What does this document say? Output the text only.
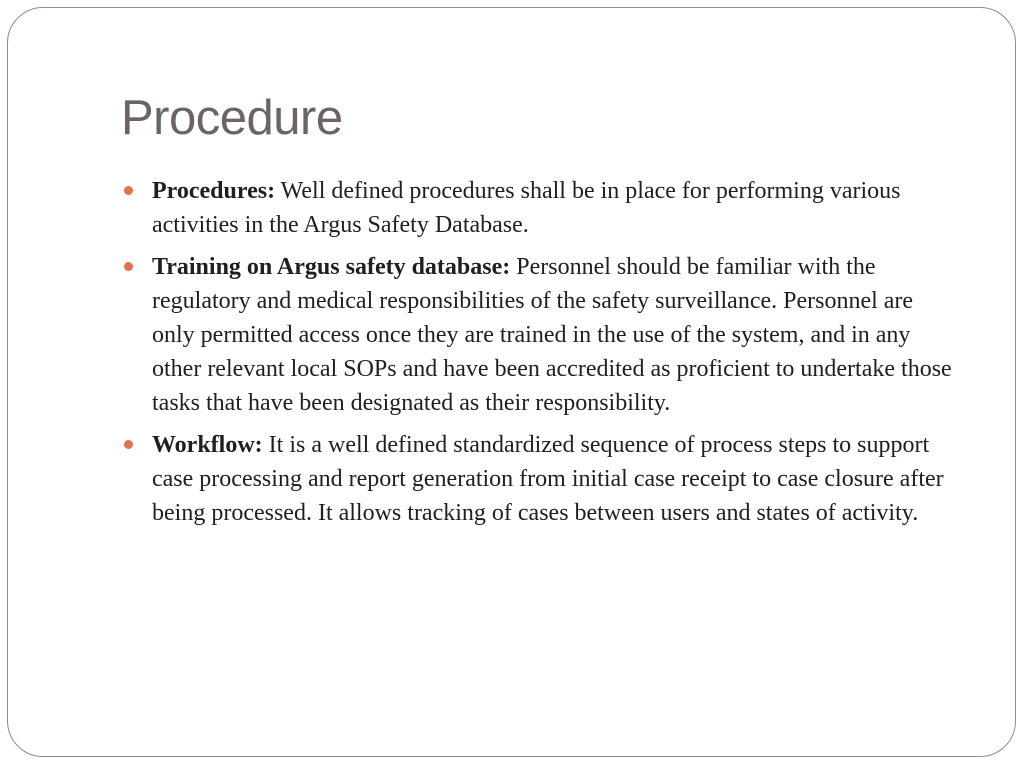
Procedure
Procedures: Well defined procedures shall be in place for performing various activities in the Argus Safety Database.
Training on Argus safety database: Personnel should be familiar with the regulatory and medical responsibilities of the safety surveillance. Personnel are only permitted access once they are trained in the use of the system, and in any other relevant local SOPs and have been accredited as proficient to undertake those tasks that have been designated as their responsibility.
Workflow: It is a well defined standardized sequence of process steps to support case processing and report generation from initial case receipt to case closure after being processed. It allows tracking of cases between users and states of activity.
